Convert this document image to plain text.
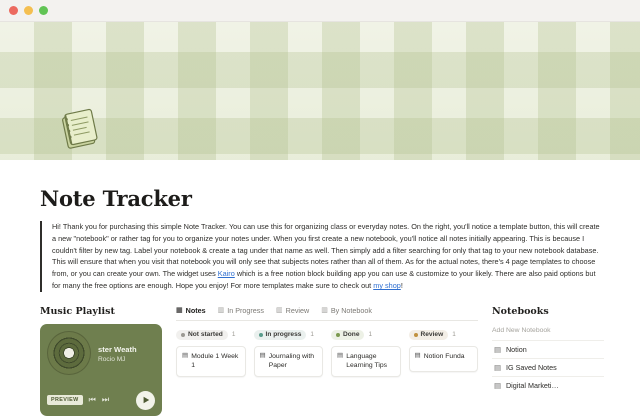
Note Tracker
Hi! Thank you for purchasing this simple Note Tracker. You can use this for organizing class or everyday notes. On the right, you'll notice a template button, this will create a new "notebook" or rather tag for you to organize your notes under. When you first create a new notebook, you'll notice all notes initially appearing. This is because I couldn't filter by new tag. Label your notebook & create a tag under that name as well. Then simply add a filter searching for only that tag to your new notebook database. This will ensure that when you visit that notebook you will only see that subjects notes rather than all of them. As for the actual notes, there's 4 page templates to choose from, or you can create your own. The widget uses Kairo which is a free notion block building app you can use & customize to your likely. There are also paid options but for many the free options are enough. Hope you enjoy! For more templates make sure to check out my shop!
Music Playlist
ster Weath
Rocio MJ
PREVIEW	⏮ ⏭
▦ Notes ▥ In Progress ▥ Review ▥ By Notebook
Not started 1
▤ Module 1 Week 1
In progress 1
▤ Journaling with Paper
Done 1
▤ Language Learning Tips
Review 1
▤ Notion Funda
Notebooks
Add New Notebook
▤ Notion
▤ IG Saved Notes
▤ Digital Marketi…
